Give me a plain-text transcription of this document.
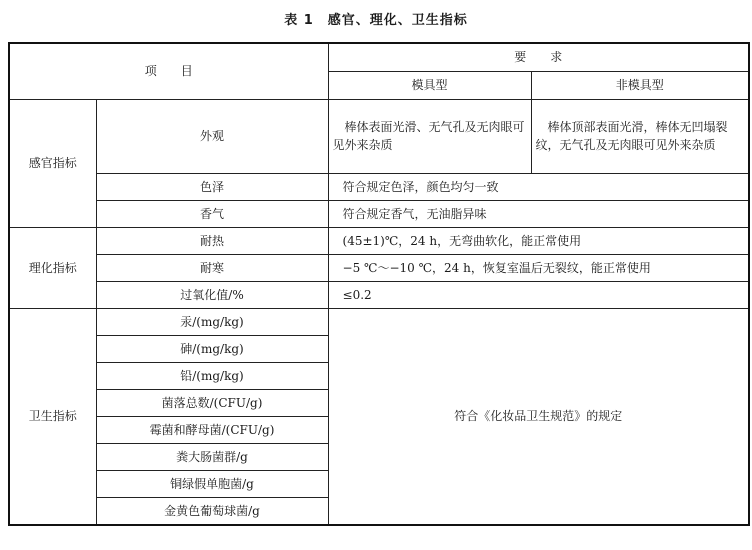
表 1　感官、理化、卫生指标
项　　目		要　　求	
		模具型	非模具型
感官指标	外观	棒体表面光滑、无气孔及无肉眼可见外来杂质	棒体顶部表面光滑，棒体无凹塌裂纹，无气孔及无肉眼可见外来杂质
	色泽	符合规定色泽，颜色均匀一致	
	香气	符合规定香气，无油脂异味	
理化指标	耐热	(45±1)℃，24 h，无弯曲软化，能正常使用	
	耐寒	−5 ℃～−10 ℃，24 h，恢复室温后无裂纹，能正常使用	
	过氧化值/%	≤0.2	
卫生指标	汞/(mg/kg)	符合《化妆品卫生规范》的规定	
	砷/(mg/kg)		
	铅/(mg/kg)		
	菌落总数/(CFU/g)		
	霉菌和酵母菌/(CFU/g)		
	粪大肠菌群/g		
	铜绿假单胞菌/g		
	金黄色葡萄球菌/g		
